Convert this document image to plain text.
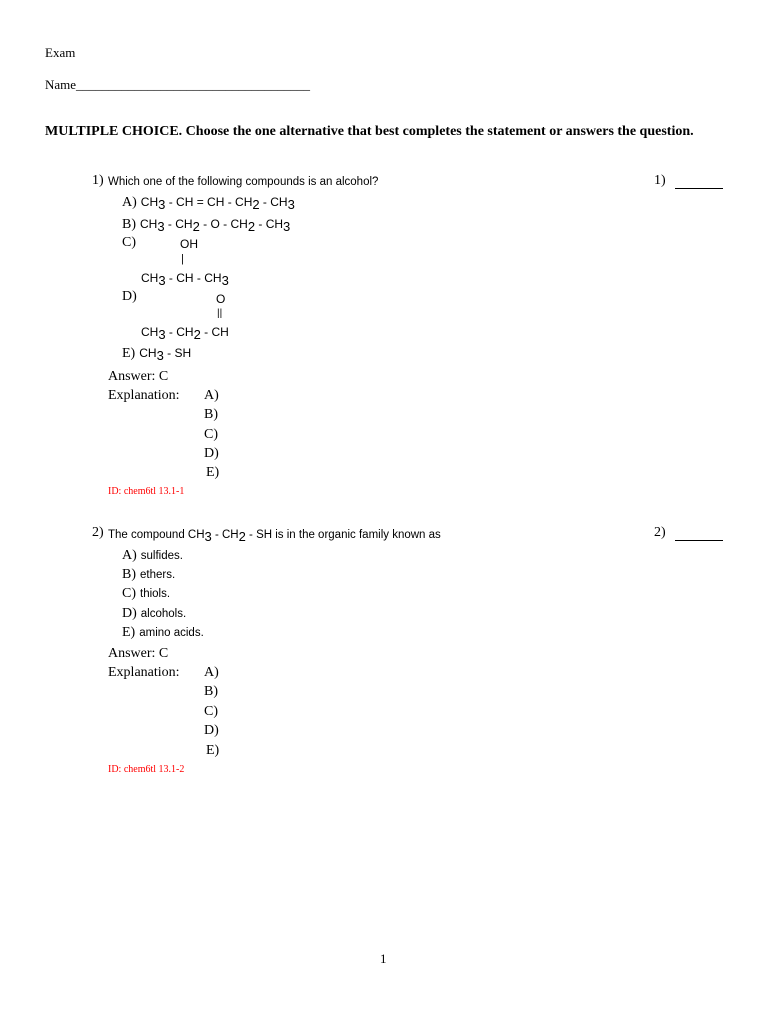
Exam
Name____________________________________
MULTIPLE CHOICE. Choose the one alternative that best completes the statement or answers the question.
1) Which one of the following compounds is an alcohol?	1)
A) CH3 - CH = CH - CH2 - CH3
B) CH3 - CH2 - O - CH2 - CH3
C)	OH
|
CH3 - CH - CH3
D)	O
||
CH3 - CH2 - CH
E) CH3 - SH
Answer: C
Explanation: A)
B)
C)
D)
E)
ID: chem6tl 13.1-1
2) The compound CH3 - CH2 - SH is in the organic family known as	2)
A) sulfides.
B) ethers.
C) thiols.
D) alcohols.
E) amino acids.
Answer: C
Explanation: A)
B)
C)
D)
E)
ID: chem6tl 13.1-2
1
